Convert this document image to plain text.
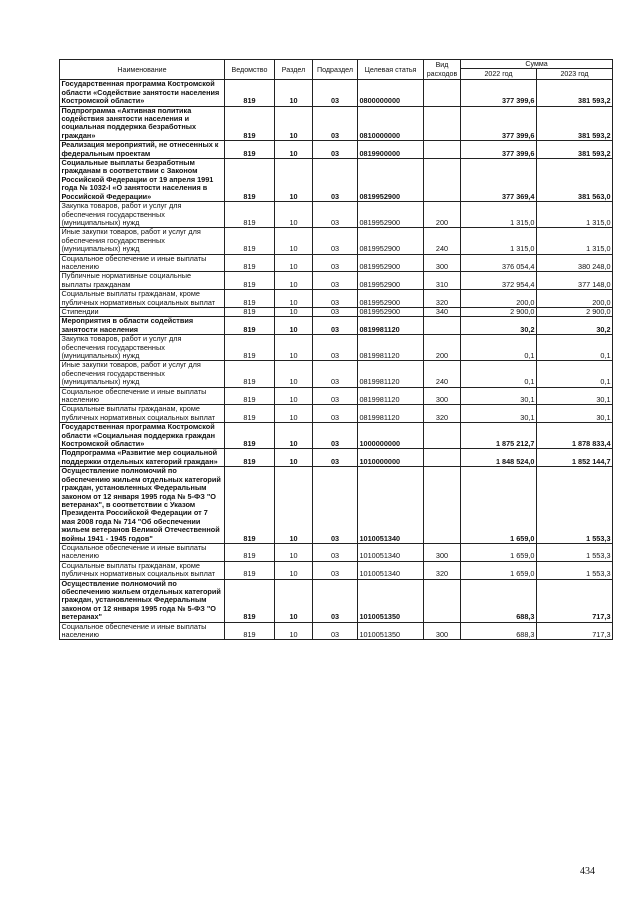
Наименование	Ведомство	Раздел	Подраздел	Целевая статья	Вид расходов	Сумма	
						2022 год	2023 год
Государственная программа Костромской области «Содействие занятости населения Костромской области»	819	10	03	0800000000		377 399,6	381 593,2
Подпрограмма «Активная политика содействия занятости населения и социальная поддержка безработных граждан»	819	10	03	0810000000		377 399,6	381 593,2
Реализация мероприятий, не отнесенных к федеральным проектам	819	10	03	0819900000		377 399,6	381 593,2
Социальные выплаты безработным гражданам в соответствии с Законом Российской Федерации от 19 апреля 1991 года № 1032-I «О занятости населения в Российской Федерации»	819	10	03	0819952900		377 369,4	381 563,0
Закупка товаров, работ и услуг для обеспечения государственных (муниципальных) нужд	819	10	03	0819952900	200	1 315,0	1 315,0
Иные закупки товаров, работ и услуг для обеспечения государственных (муниципальных) нужд	819	10	03	0819952900	240	1 315,0	1 315,0
Социальное обеспечение и иные выплаты населению	819	10	03	0819952900	300	376 054,4	380 248,0
Публичные нормативные социальные выплаты гражданам	819	10	03	0819952900	310	372 954,4	377 148,0
Социальные выплаты гражданам, кроме публичных нормативных социальных выплат	819	10	03	0819952900	320	200,0	200,0
Стипендии	819	10	03	0819952900	340	2 900,0	2 900,0
Мероприятия в области содействия занятости населения	819	10	03	0819981120		30,2	30,2
Закупка товаров, работ и услуг для обеспечения государственных (муниципальных) нужд	819	10	03	0819981120	200	0,1	0,1
Иные закупки товаров, работ и услуг для обеспечения государственных (муниципальных) нужд	819	10	03	0819981120	240	0,1	0,1
Социальное обеспечение и иные выплаты населению	819	10	03	0819981120	300	30,1	30,1
Социальные выплаты гражданам, кроме публичных нормативных социальных выплат	819	10	03	0819981120	320	30,1	30,1
Государственная программа Костромской области «Социальная поддержка граждан Костромской области»	819	10	03	1000000000		1 875 212,7	1 878 833,4
Подпрограмма «Развитие мер социальной поддержки отдельных категорий граждан»	819	10	03	1010000000		1 848 524,0	1 852 144,7
Осуществление полномочий по обеспечению жильем отдельных категорий граждан, установленных Федеральным законом от 12 января 1995 года № 5-ФЗ "О ветеранах", в соответствии с Указом Президента Российской Федерации от 7 мая 2008 года № 714 "Об обеспечении жильем ветеранов Великой Отечественной войны 1941 - 1945 годов"	819	10	03	1010051340		1 659,0	1 553,3
Социальное обеспечение и иные выплаты населению	819	10	03	1010051340	300	1 659,0	1 553,3
Социальные выплаты гражданам, кроме публичных нормативных социальных выплат	819	10	03	1010051340	320	1 659,0	1 553,3
Осуществление полномочий по обеспечению жильем отдельных категорий граждан, установленных Федеральным законом от 12 января 1995 года № 5-ФЗ "О ветеранах"	819	10	03	1010051350		688,3	717,3
Социальное обеспечение и иные выплаты населению	819	10	03	1010051350	300	688,3	717,3
434
